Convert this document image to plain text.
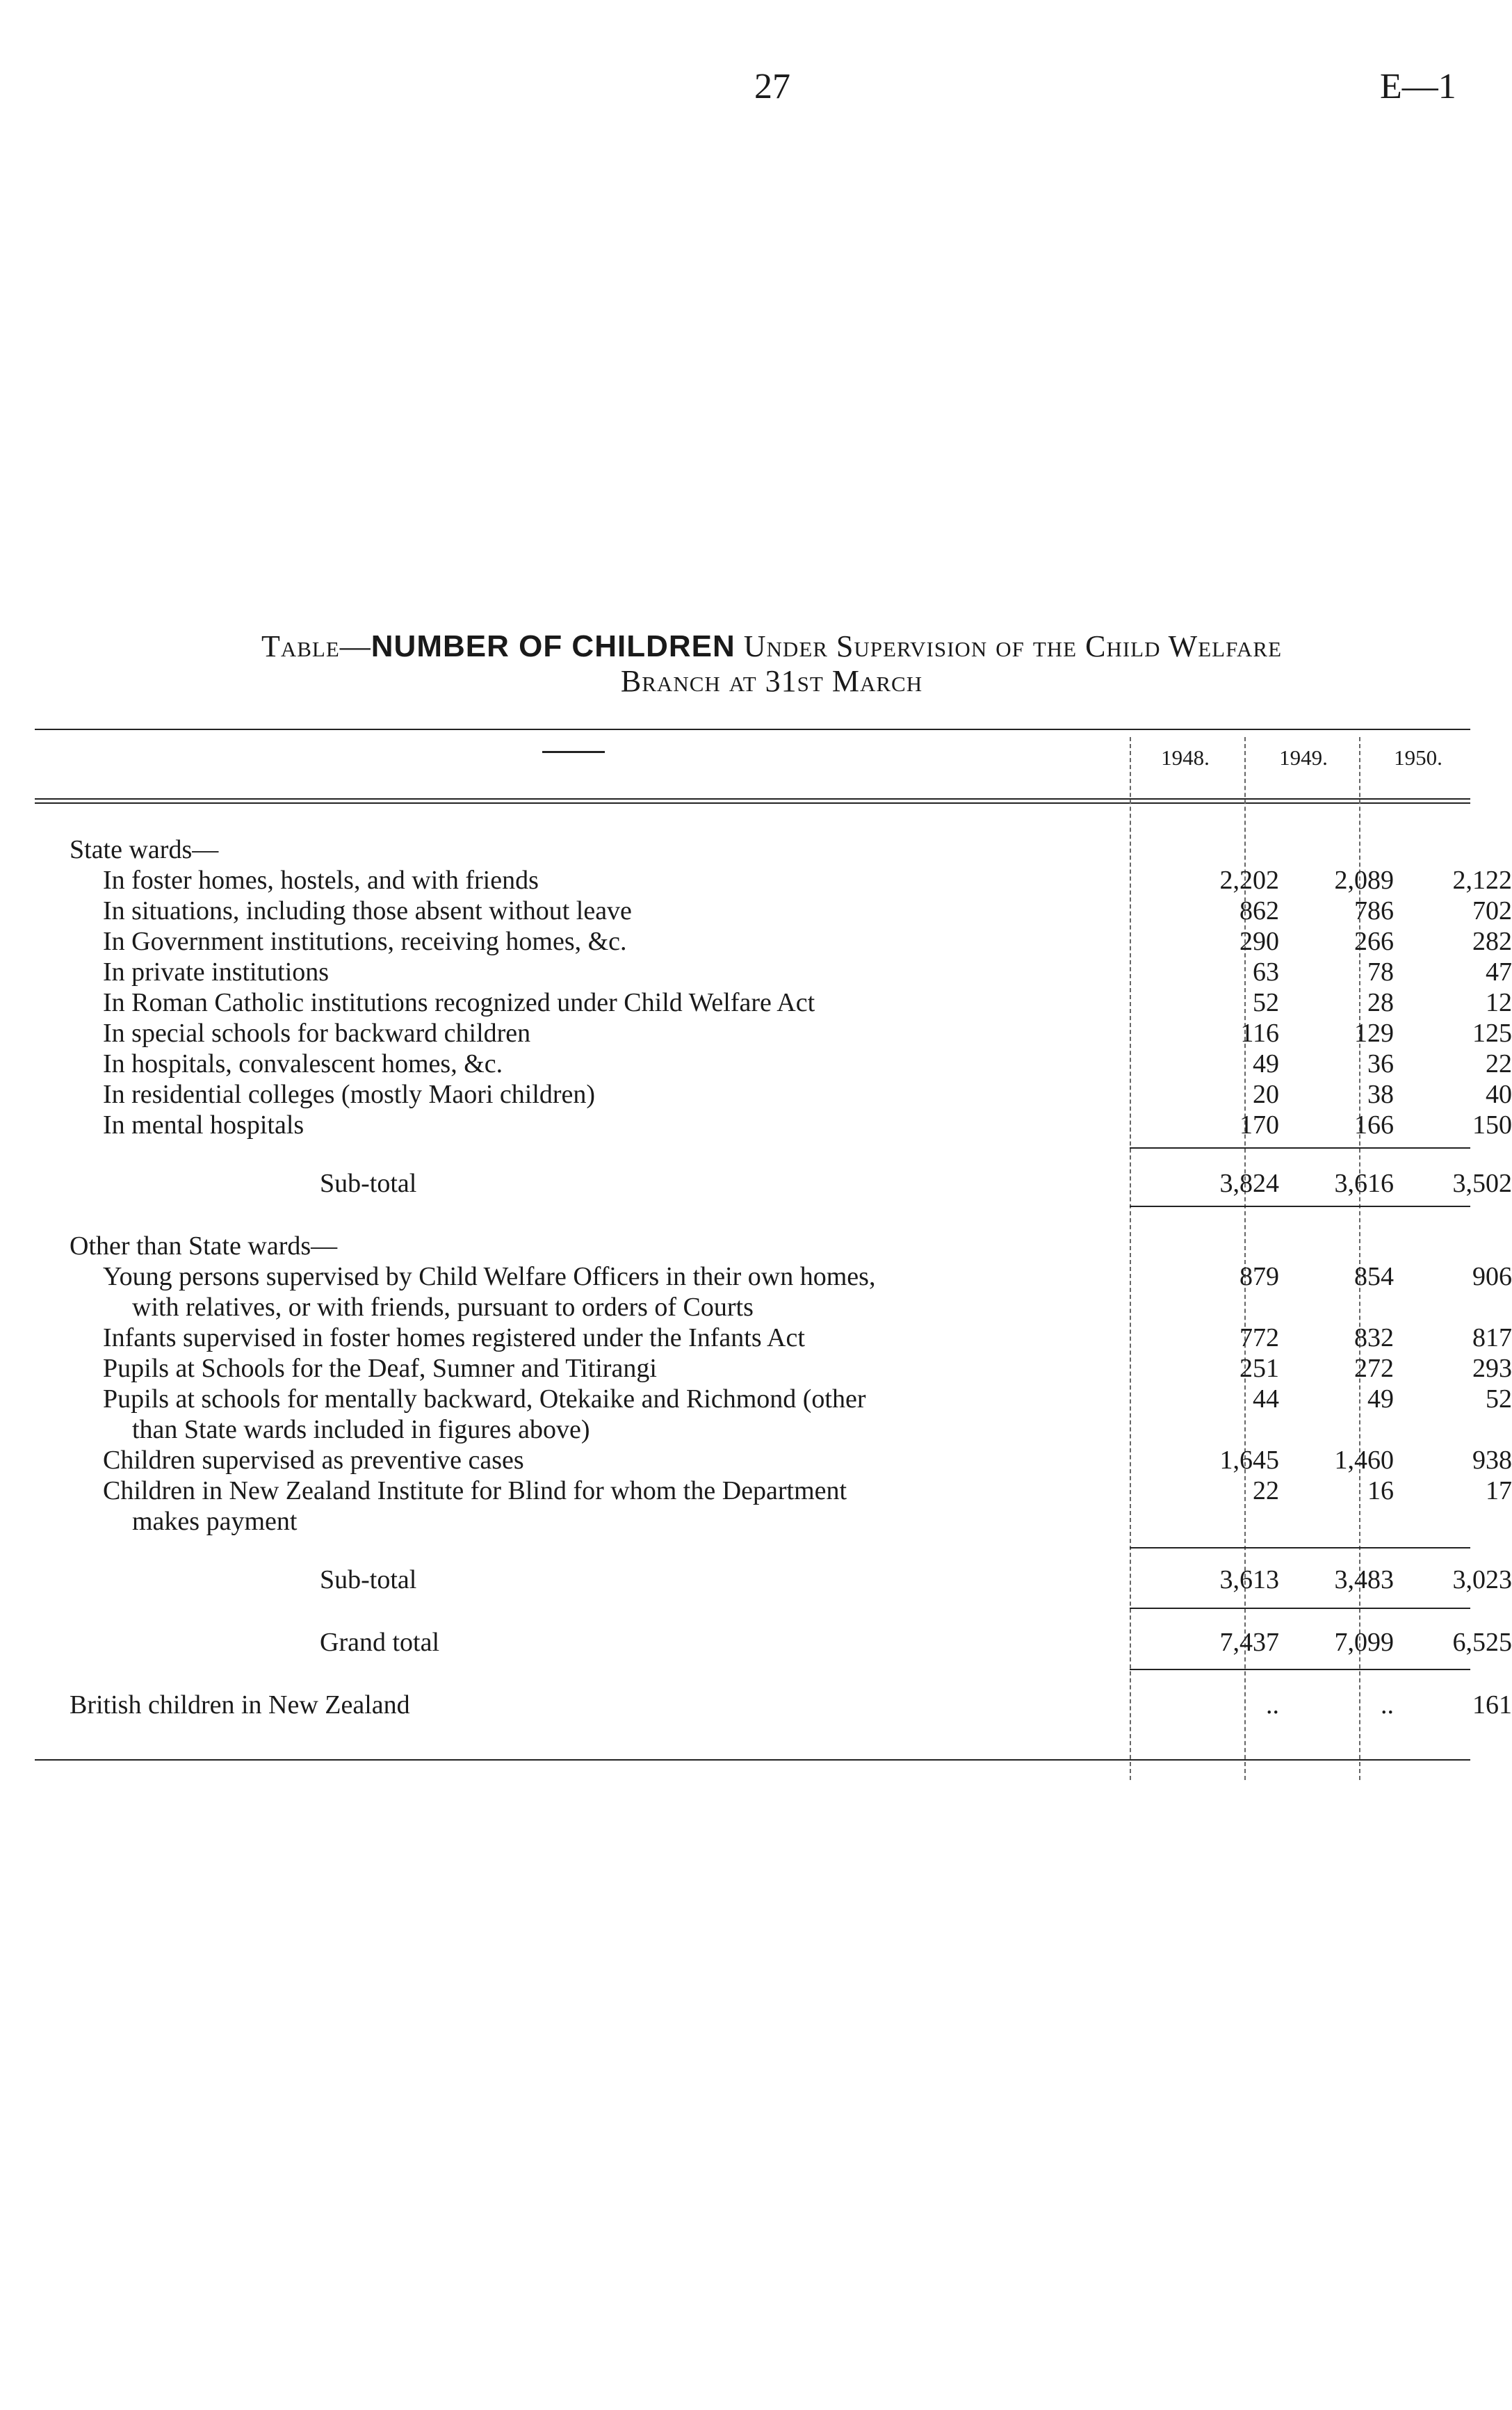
27	E—1
Table—NUMBER OF CHILDREN Under Supervision of the Child Welfare
Branch at 31st March
1948.	1949.	1950.
State wards—
In foster homes, hostels, and with friends	2,202	2,089	2,122
In situations, including those absent without leave	862	786	702
In Government institutions, receiving homes, &c.	290	266	282
In private institutions	63	78	47
In Roman Catholic institutions recognized under Child Welfare Act	52	28	12
In special schools for backward children	116	129	125
In hospitals, convalescent homes, &c.	49	36	22
In residential colleges (mostly Maori children)	20	38	40
In mental hospitals	170	166	150
Sub-total	3,824	3,616	3,502
Other than State wards—
Young persons supervised by Child Welfare Officers in their own homes,	879	854	906
with relatives, or with friends, pursuant to orders of Courts
Infants supervised in foster homes registered under the Infants Act	772	832	817
Pupils at Schools for the Deaf, Sumner and Titirangi	251	272	293
Pupils at schools for mentally backward, Otekaike and Richmond (other	44	49	52
than State wards included in figures above)
Children supervised as preventive cases	1,645	1,460	938
Children in New Zealand Institute for Blind for whom the Department	22	16	17
makes payment
Sub-total	3,613	3,483	3,023
Grand total	7,437	7,099	6,525
British children in New Zealand	..	..	161
